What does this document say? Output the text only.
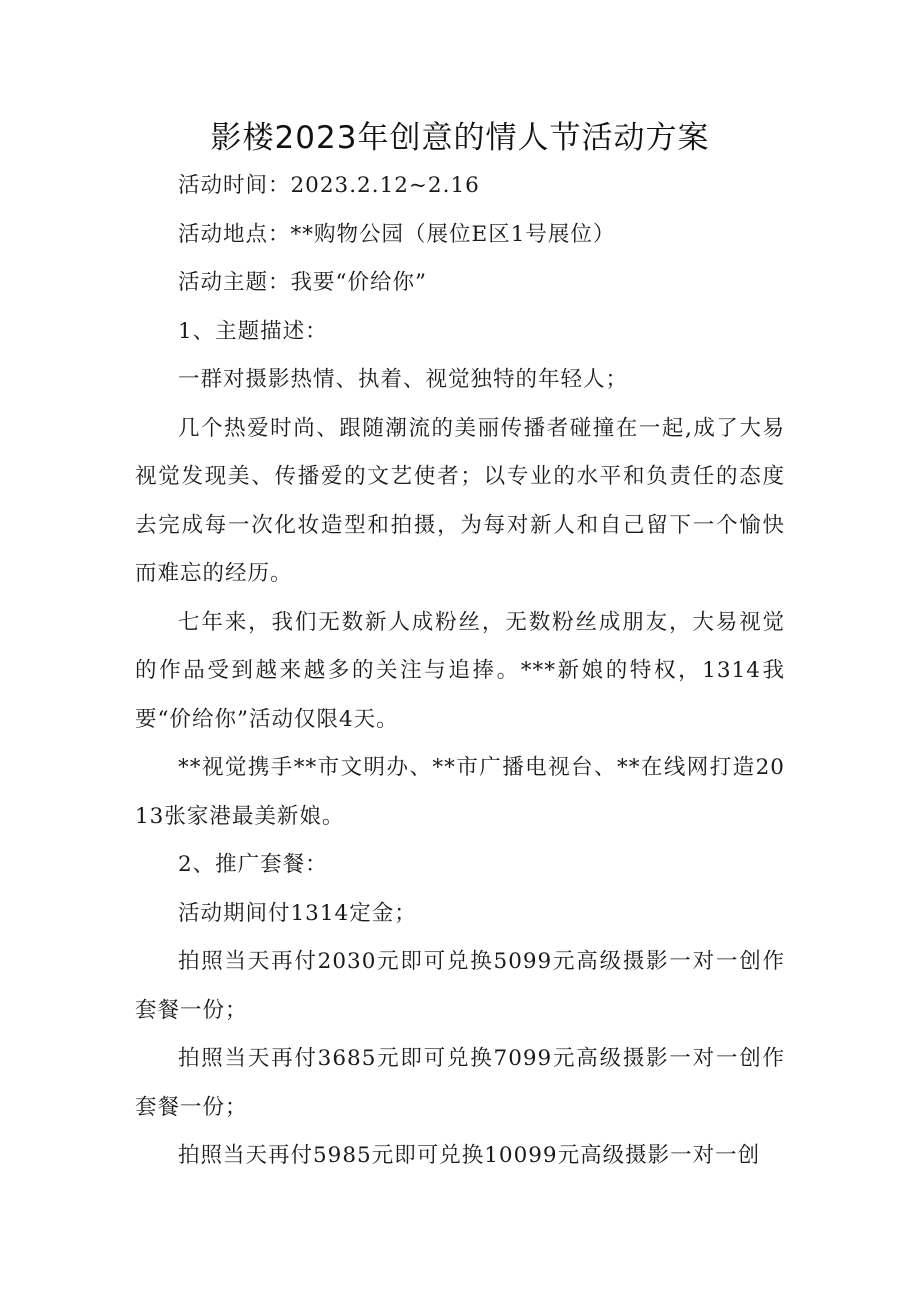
影楼2023年创意的情人节活动方案

活动时间：2023.2.12~2.16

活动地点：**购物公园（展位E区1号展位）

活动主题：我要“价给你”

1、主题描述：

一群对摄影热情、执着、视觉独特的年轻人；

几个热爱时尚、跟随潮流的美丽传播者碰撞在一起,成了大易视觉发现美、传播爱的文艺使者；以专业的水平和负责任的态度去完成每一次化妆造型和拍摄，为每对新人和自己留下一个愉快而难忘的经历。

七年来，我们无数新人成粉丝，无数粉丝成朋友，大易视觉的作品受到越来越多的关注与追捧。***新娘的特权，1314我要“价给你”活动仅限4天。

**视觉携手**市文明办、**市广播电视台、**在线网打造2013张家港最美新娘。

2、推广套餐：

活动期间付1314定金；

拍照当天再付2030元即可兑换5099元高级摄影一对一创作套餐一份；

拍照当天再付3685元即可兑换7099元高级摄影一对一创作套餐一份；

拍照当天再付5985元即可兑换10099元高级摄影一对一创
